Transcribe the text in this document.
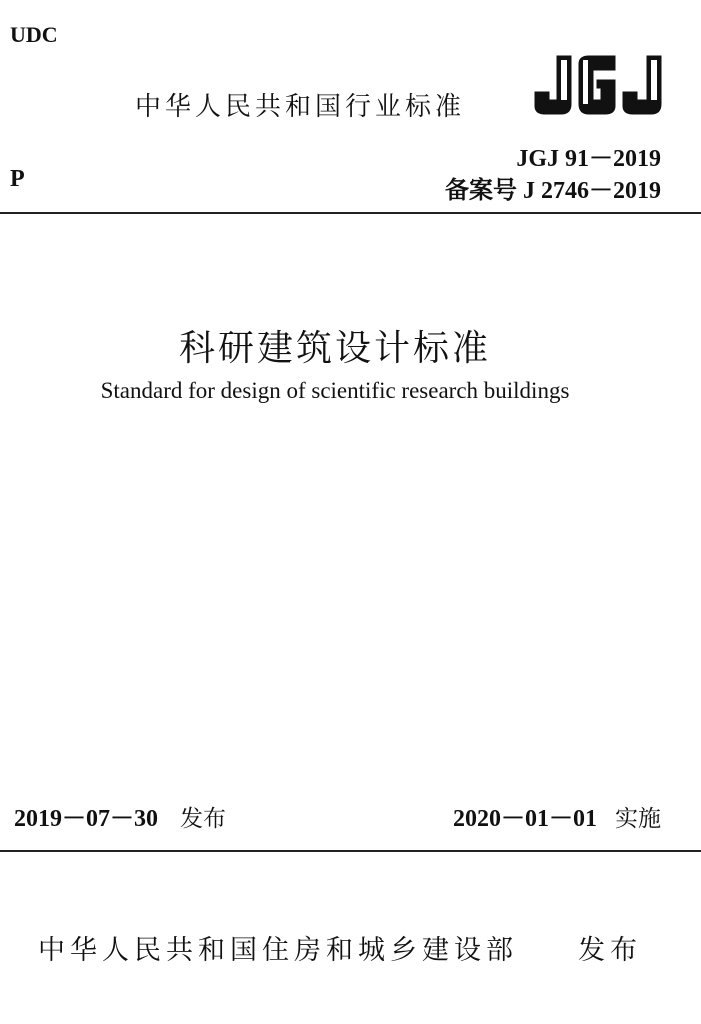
UDC
中华人民共和国行业标准
JGJ 91－2019
P	备案号 J 2746－2019
科研建筑设计标准
Standard for design of scientific research buildings
2019－07－30 发布	2020－01－01 实施
中华人民共和国住房和城乡建设部 发布
